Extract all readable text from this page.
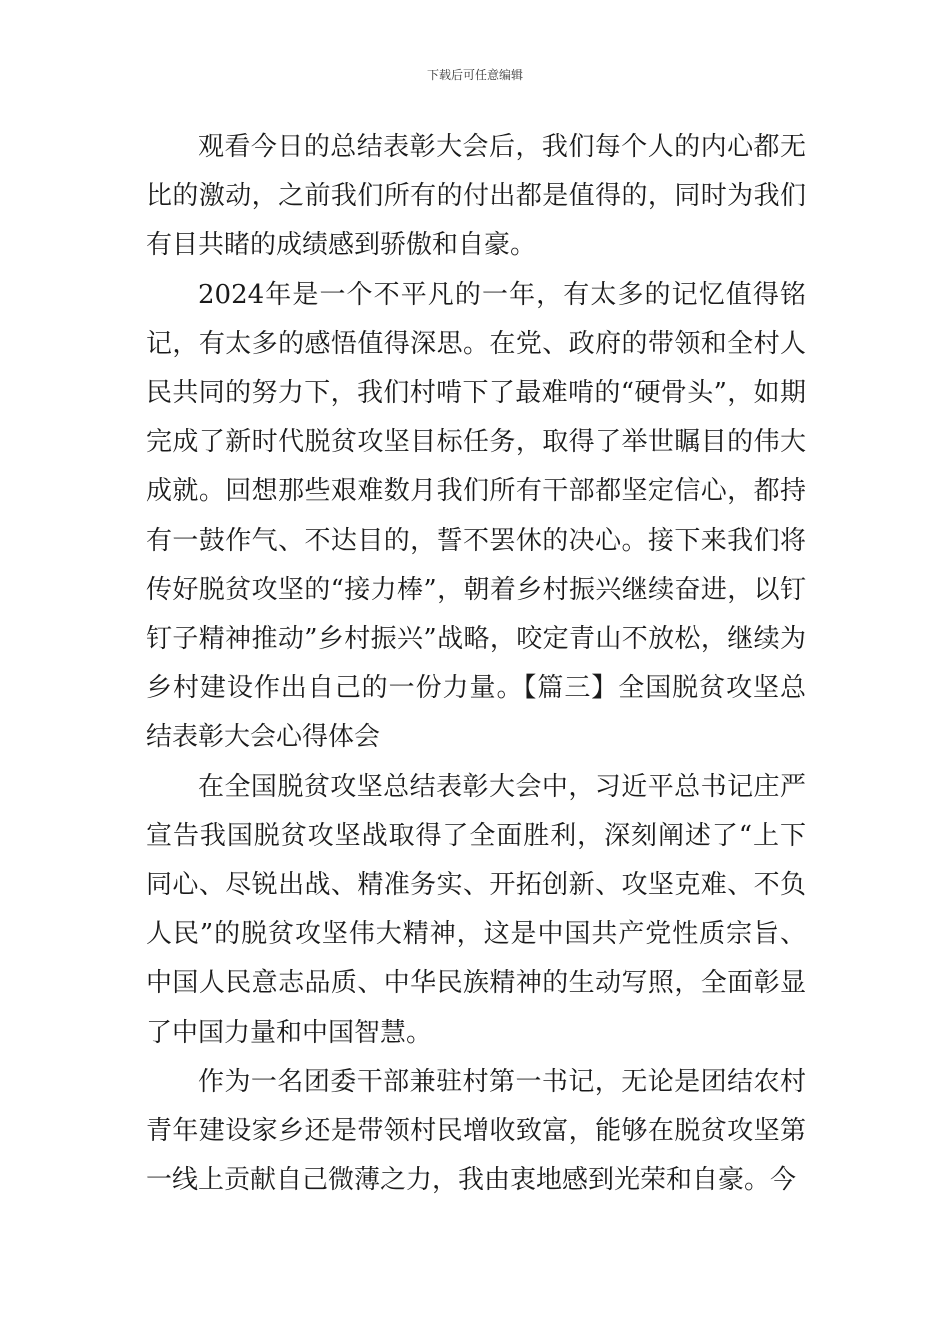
下载后可任意编辑

观看今日的总结表彰大会后，我们每个人的内心都无比的激动，之前我们所有的付出都是值得的，同时为我们有目共睹的成绩感到骄傲和自豪。

2024年是一个不平凡的一年，有太多的记忆值得铭记，有太多的感悟值得深思。在党、政府的带领和全村人民共同的努力下，我们村啃下了最难啃的“硬骨头”，如期完成了新时代脱贫攻坚目标任务，取得了举世瞩目的伟大成就。回想那些艰难数月我们所有干部都坚定信心，都持有一鼓作气、不达目的，誓不罢休的决心。接下来我们将传好脱贫攻坚的“接力棒”，朝着乡村振兴继续奋进，以钉钉子精神推动”乡村振兴”战略，咬定青山不放松，继续为乡村建设作出自己的一份力量。【篇三】全国脱贫攻坚总结表彰大会心得体会

在全国脱贫攻坚总结表彰大会中，习近平总书记庄严宣告我国脱贫攻坚战取得了全面胜利，深刻阐述了“上下同心、尽锐出战、精准务实、开拓创新、攻坚克难、不负人民”的脱贫攻坚伟大精神，这是中国共产党性质宗旨、中国人民意志品质、中华民族精神的生动写照，全面彰显了中国力量和中国智慧。

作为一名团委干部兼驻村第一书记，无论是团结农村青年建设家乡还是带领村民增收致富，能够在脱贫攻坚第一线上贡献自己微薄之力，我由衷地感到光荣和自豪。今
